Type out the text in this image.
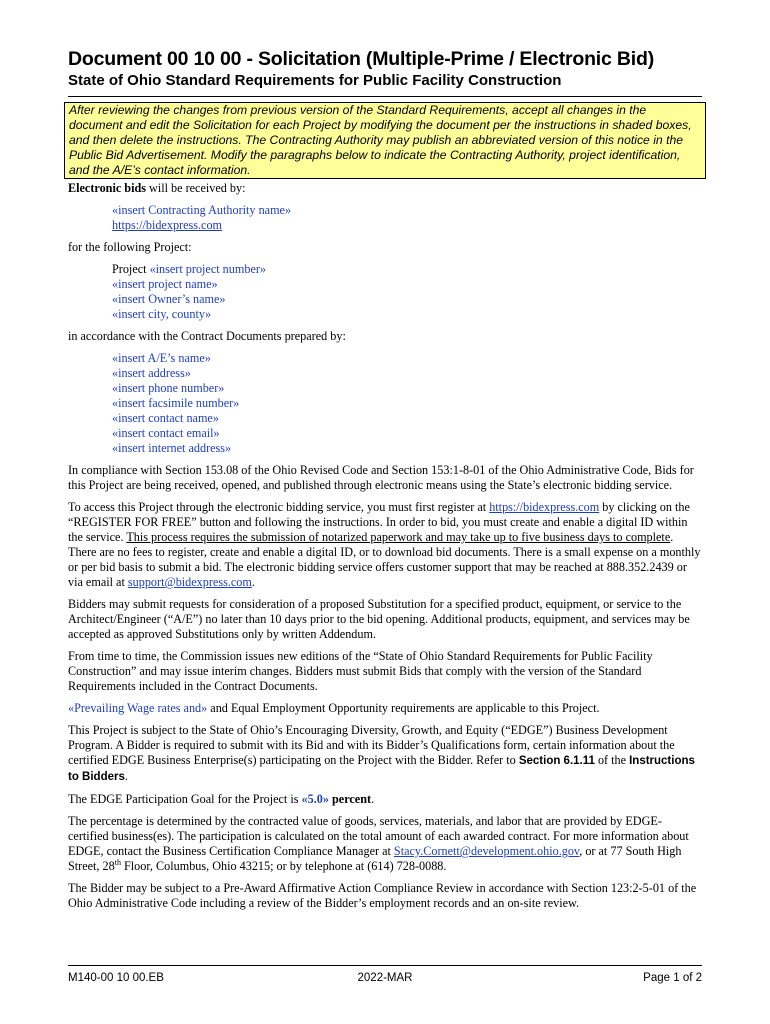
Document 00 10 00 - Solicitation (Multiple-Prime / Electronic Bid)
State of Ohio Standard Requirements for Public Facility Construction
After reviewing the changes from previous version of the Standard Requirements, accept all changes in the document and edit the Solicitation for each Project by modifying the document per the instructions in shaded boxes, and then delete the instructions. The Contracting Authority may publish an abbreviated version of this notice in the Public Bid Advertisement. Modify the paragraphs below to indicate the Contracting Authority, project identification, and the A/E’s contact information.

Electronic bids will be received by:

«insert Contracting Authority name»
https://bidexpress.com

for the following Project:

Project «insert project number»
«insert project name»
«insert Owner’s name»
«insert city, county»

in accordance with the Contract Documents prepared by:

«insert A/E’s name»
«insert address»
«insert phone number»
«insert facsimile number»
«insert contact name»
«insert contact email»
«insert internet address»

In compliance with Section 153.08 of the Ohio Revised Code and Section 153:1-8-01 of the Ohio Administrative Code, Bids for this Project are being received, opened, and published through electronic means using the State’s electronic bidding service.

To access this Project through the electronic bidding service, you must first register at https://bidexpress.com by clicking on the “REGISTER FOR FREE” button and following the instructions. In order to bid, you must create and enable a digital ID within the service. This process requires the submission of notarized paperwork and may take up to five business days to complete. There are no fees to register, create and enable a digital ID, or to download bid documents. There is a small expense on a monthly or per bid basis to submit a bid. The electronic bidding service offers customer support that may be reached at 888.352.2439 or via email at support@bidexpress.com.

Bidders may submit requests for consideration of a proposed Substitution for a specified product, equipment, or service to the Architect/Engineer (“A/E”) no later than 10 days prior to the bid opening. Additional products, equipment, and services may be accepted as approved Substitutions only by written Addendum.

From time to time, the Commission issues new editions of the “State of Ohio Standard Requirements for Public Facility Construction” and may issue interim changes. Bidders must submit Bids that comply with the version of the Standard Requirements included in the Contract Documents.

«Prevailing Wage rates and» and Equal Employment Opportunity requirements are applicable to this Project.

This Project is subject to the State of Ohio’s Encouraging Diversity, Growth, and Equity (“EDGE”) Business Development Program. A Bidder is required to submit with its Bid and with its Bidder’s Qualifications form, certain information about the certified EDGE Business Enterprise(s) participating on the Project with the Bidder. Refer to Section 6.1.11 of the Instructions to Bidders.

The EDGE Participation Goal for the Project is «5.0» percent.

The percentage is determined by the contracted value of goods, services, materials, and labor that are provided by EDGE-certified business(es). The participation is calculated on the total amount of each awarded contract. For more information about EDGE, contact the Business Certification Compliance Manager at Stacy.Cornett@development.ohio.gov, or at 77 South High Street, 28th Floor, Columbus, Ohio 43215; or by telephone at (614) 728-0088.

The Bidder may be subject to a Pre-Award Affirmative Action Compliance Review in accordance with Section 123:2-5-01 of the Ohio Administrative Code including a review of the Bidder’s employment records and an on-site review.

M140-00 10 00.EB	2022-MAR	Page 1 of 2
